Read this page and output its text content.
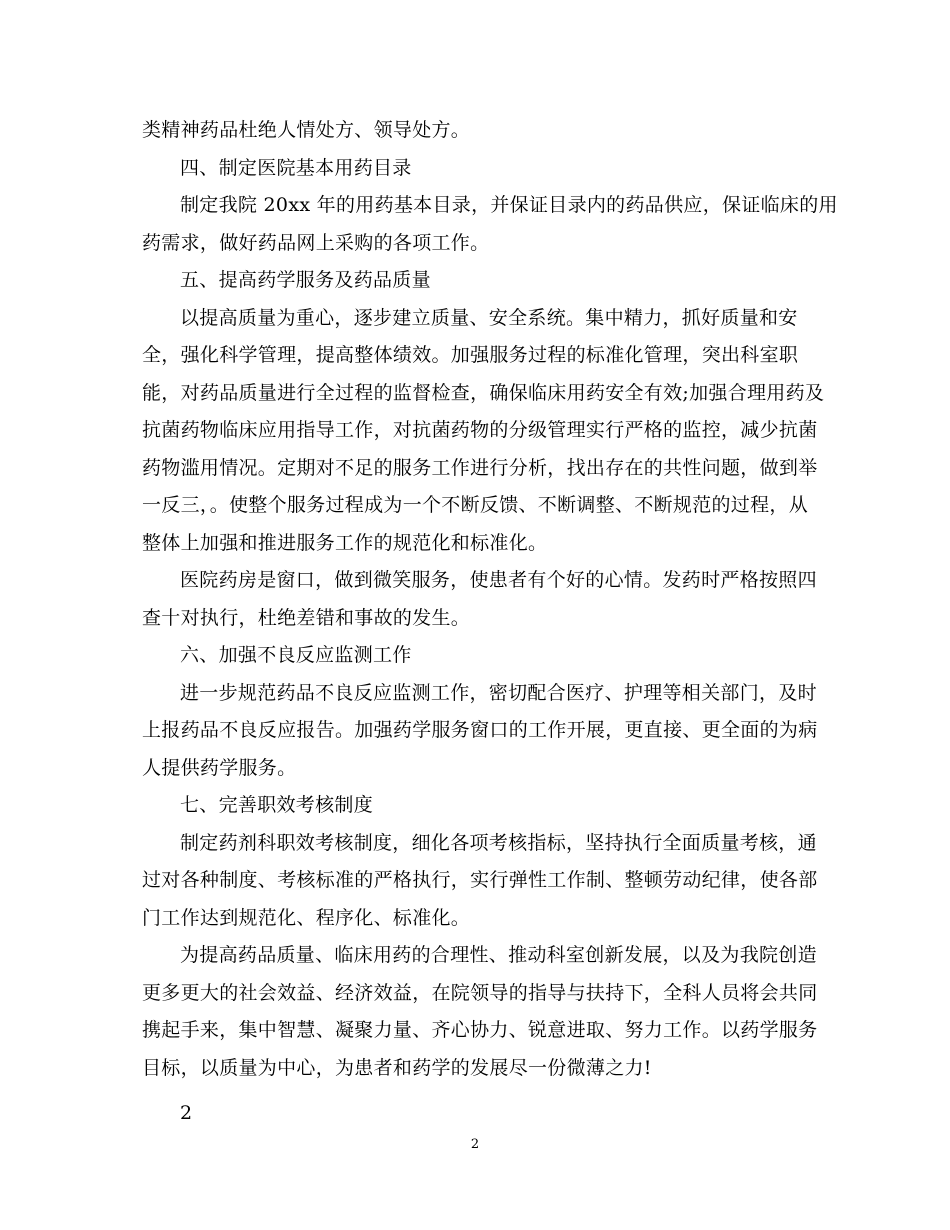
类精神药品杜绝人情处方、领导处方。
四、制定医院基本用药目录
制定我院 20xx 年的用药基本目录，并保证目录内的药品供应，保证临床的用
药需求，做好药品网上采购的各项工作。
五、提高药学服务及药品质量
以提高质量为重心，逐步建立质量、安全系统。集中精力，抓好质量和安
全，强化科学管理，提高整体绩效。加强服务过程的标准化管理，突出科室职
能，对药品质量进行全过程的监督检查，确保临床用药安全有效;加强合理用药及
抗菌药物临床应用指导工作，对抗菌药物的分级管理实行严格的监控，减少抗菌
药物滥用情况。定期对不足的服务工作进行分析，找出存在的共性问题，做到举
一反三，。使整个服务过程成为一个不断反馈、不断调整、不断规范的过程，从
整体上加强和推进服务工作的规范化和标准化。
医院药房是窗口，做到微笑服务，使患者有个好的心情。发药时严格按照四
查十对执行，杜绝差错和事故的发生。
六、加强不良反应监测工作
进一步规范药品不良反应监测工作，密切配合医疗、护理等相关部门，及时
上报药品不良反应报告。加强药学服务窗口的工作开展，更直接、更全面的为病
人提供药学服务。
七、完善职效考核制度
制定药剂科职效考核制度，细化各项考核指标，坚持执行全面质量考核，通
过对各种制度、考核标准的严格执行，实行弹性工作制、整顿劳动纪律，使各部
门工作达到规范化、程序化、标准化。
为提高药品质量、临床用药的合理性、推动科室创新发展，以及为我院创造
更多更大的社会效益、经济效益，在院领导的指导与扶持下，全科人员将会共同
携起手来，集中智慧、凝聚力量、齐心协力、锐意进取、努力工作。以药学服务
目标，以质量为中心，为患者和药学的发展尽一份微薄之力!
2
2
